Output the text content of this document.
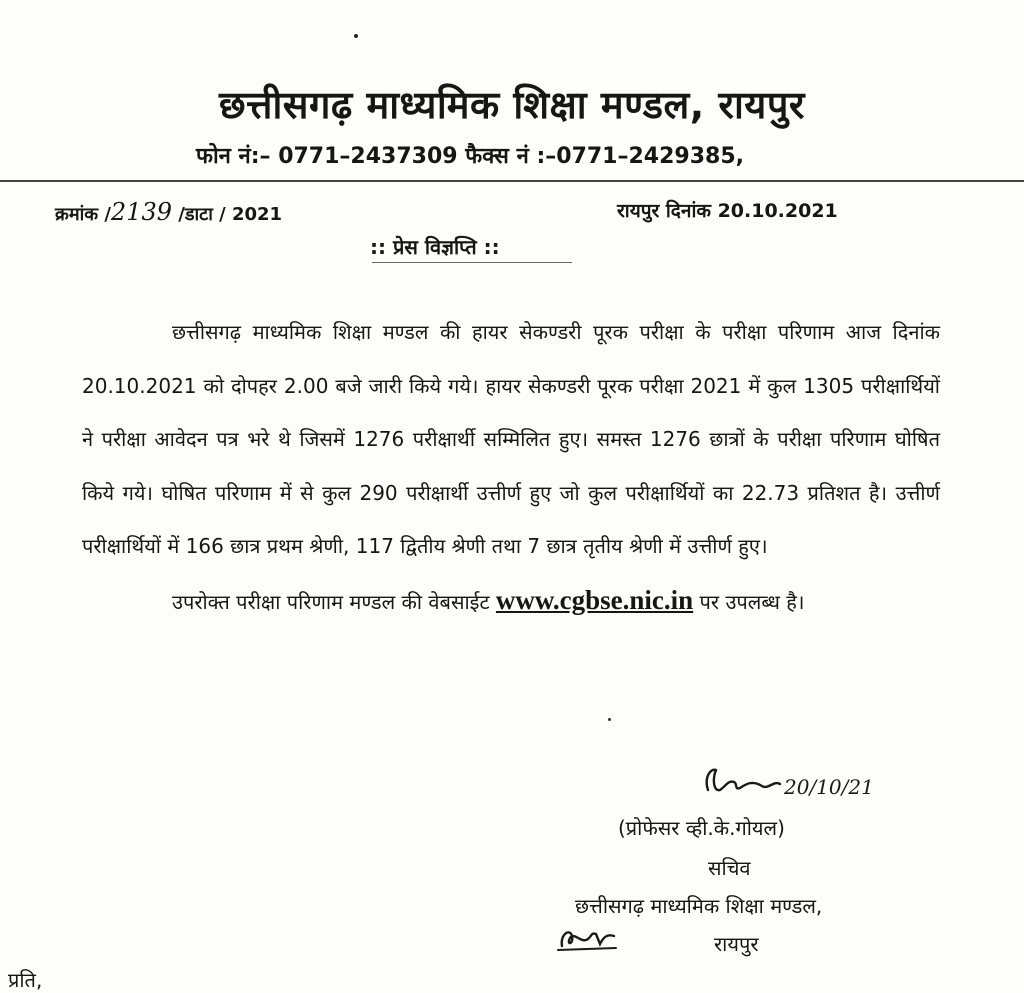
छत्तीसगढ़ माध्यमिक शिक्षा मण्डल, रायपुर
फोन नं:– 0771–2437309 फैक्स नं :–0771–2429385,
क्रमांक /2139 /डाटा / 2021	रायपुर दिनांक 20.10.2021
:: प्रेस विज्ञप्ति ::

छत्तीसगढ़ माध्यमिक शिक्षा मण्डल की हायर सेकण्डरी पूरक परीक्षा के परीक्षा परिणाम आज दिनांक 20.10.2021 को दोपहर 2.00 बजे जारी किये गये। हायर सेकण्डरी पूरक परीक्षा 2021 में कुल 1305 परीक्षार्थियों ने परीक्षा आवेदन पत्र भरे थे जिसमें 1276 परीक्षार्थी सम्मिलित हुए। समस्त 1276 छात्रों के परीक्षा परिणाम घोषित किये गये। घोषित परिणाम में से कुल 290 परीक्षार्थी उत्तीर्ण हुए जो कुल परीक्षार्थियों का 22.73 प्रतिशत है। उत्तीर्ण परीक्षार्थियों में 166 छात्र प्रथम श्रेणी, 117 द्वितीय श्रेणी तथा 7 छात्र तृतीय श्रेणी में उत्तीर्ण हुए।

उपरोक्त परीक्षा परिणाम मण्डल की वेबसाईट www.cgbse.nic.in पर उपलब्ध है।

20/10/21
(प्रोफेसर व्ही.के.गोयल)
सचिव
छत्तीसगढ़ माध्यमिक शिक्षा मण्डल,
रायपुर
प्रति,
